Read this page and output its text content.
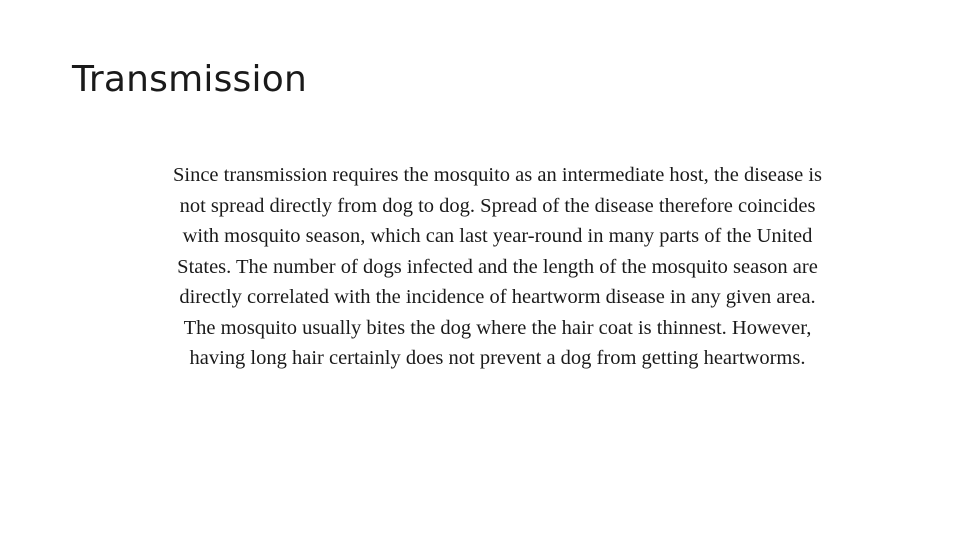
Transmission

Since transmission requires the mosquito as an intermediate host, the disease is not spread directly from dog to dog. Spread of the disease therefore coincides with mosquito season, which can last year-round in many parts of the United States. The number of dogs infected and the length of the mosquito season are directly correlated with the incidence of heartworm disease in any given area.

The mosquito usually bites the dog where the hair coat is thinnest. However, having long hair certainly does not prevent a dog from getting heartworms.
